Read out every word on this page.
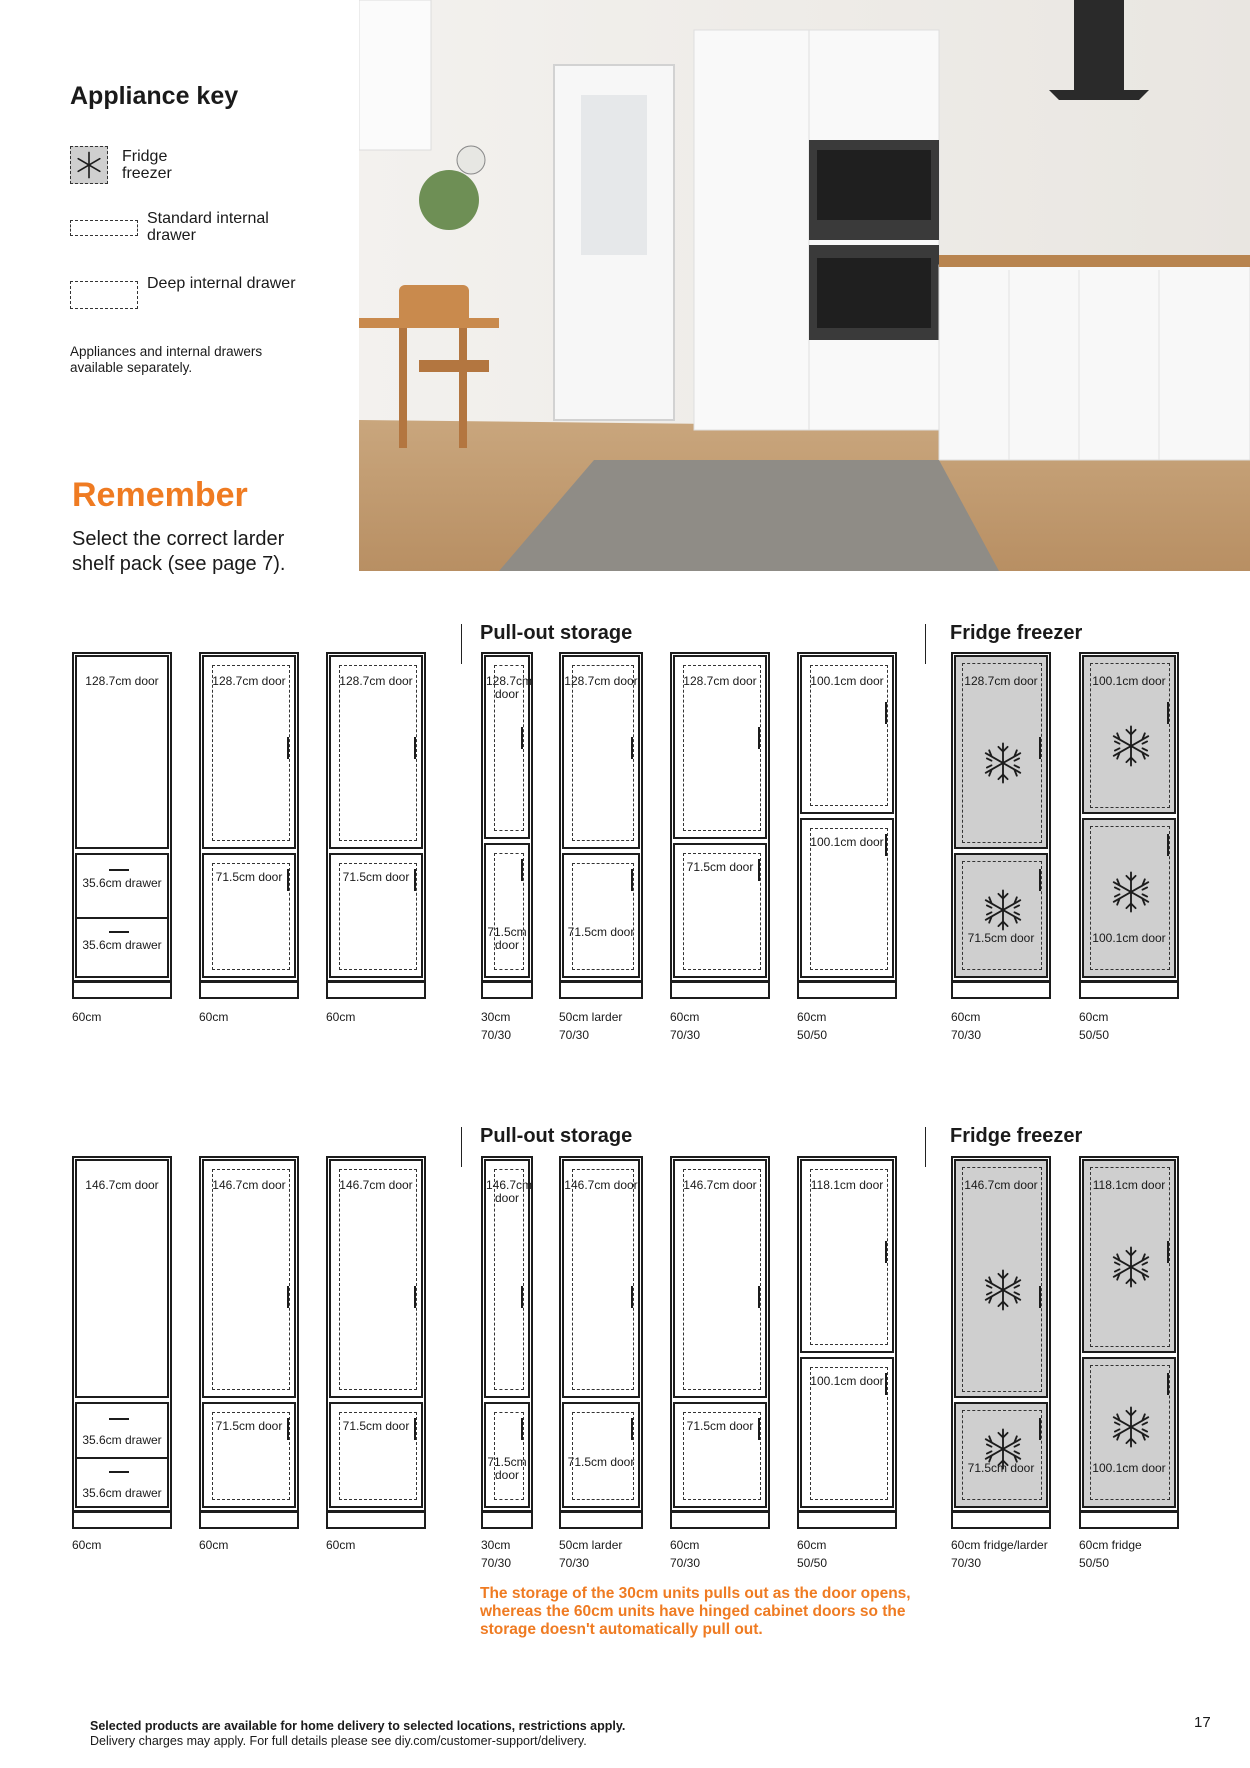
Appliance key
Fridge freezer
Standard internal drawer
Deep internal drawer
Appliances and internal drawers available separately.
Remember
Select the correct larder shelf pack (see page 7).
Pull-out storage	Fridge freezer
Pull-out storage	Fridge freezer
128.7cm door
35.6cm drawer
35.6cm drawer
60cm
128.7cm door
71.5cm door
60cm
128.7cm door
71.5cm door
60cm
128.7cm door
71.5cm door
30cm
70/30
128.7cm door
71.5cm door
50cm larder
70/30
128.7cm door
71.5cm door
60cm
70/30
100.1cm door
100.1cm door
60cm
50/50
128.7cm door
71.5cm door
60cm
70/30
100.1cm door
100.1cm door
60cm
50/50
146.7cm door
35.6cm drawer
35.6cm drawer
60cm
146.7cm door
71.5cm door
60cm
146.7cm door
71.5cm door
60cm
146.7cm door
71.5cm door
30cm
70/30
146.7cm door
71.5cm door
50cm larder
70/30
146.7cm door
71.5cm door
60cm
70/30
118.1cm door
100.1cm door
60cm
50/50
146.7cm door
71.5cm door
60cm fridge/larder
70/30
118.1cm door
100.1cm door
60cm fridge
50/50
The storage of the 30cm units pulls out as the door opens, whereas the 60cm units have hinged cabinet doors so the storage doesn't automatically pull out.
Selected products are available for home delivery to selected locations, restrictions apply.
Delivery charges may apply. For full details please see diy.com/customer-support/delivery.
17
